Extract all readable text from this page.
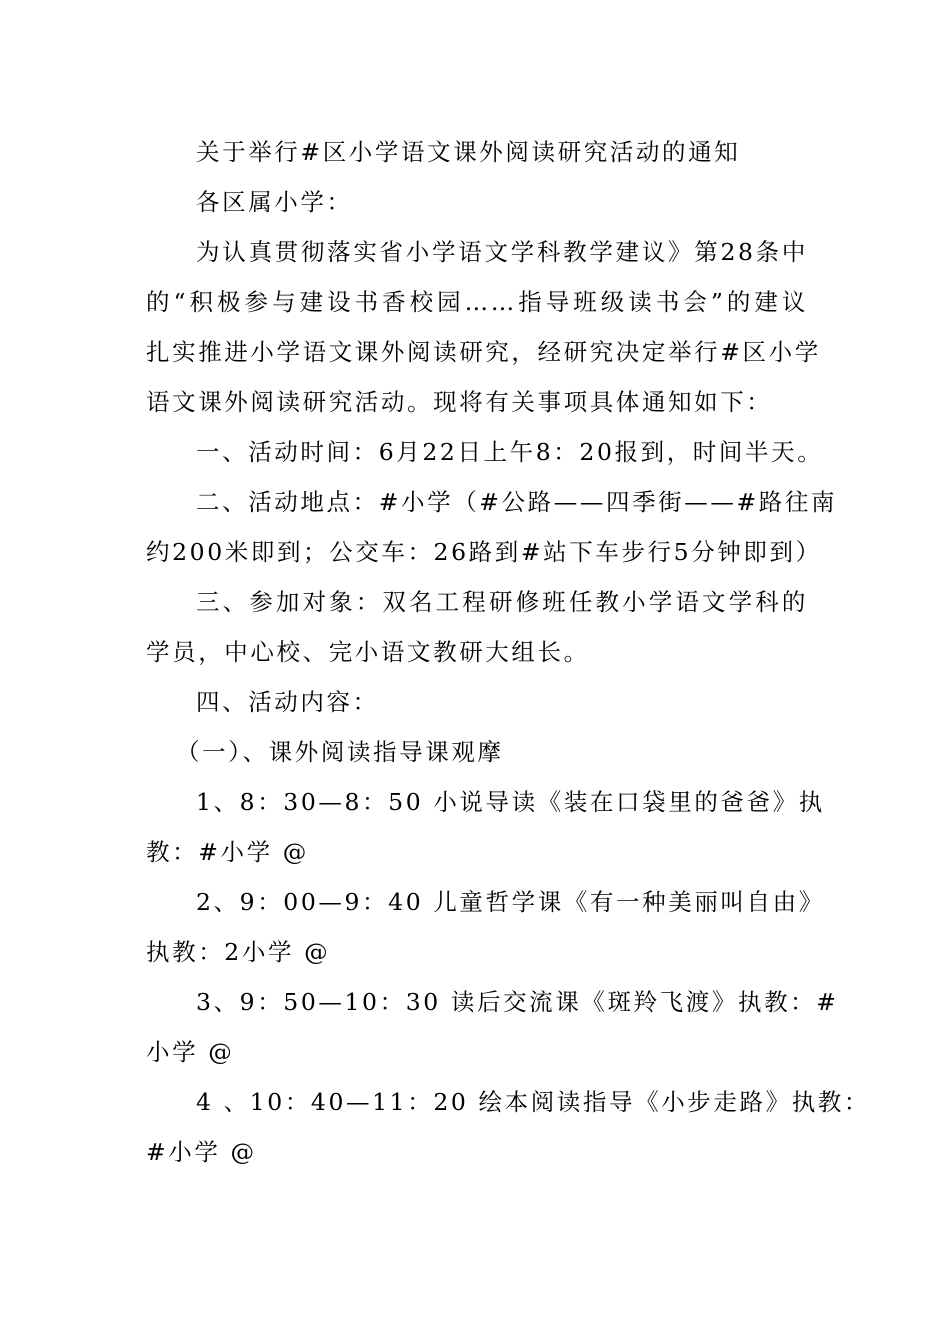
关于举行#区小学语文课外阅读研究活动的通知
各区属小学：
为认真贯彻落实省小学语文学科教学建议》第28条中
的“积极参与建设书香校园……指导班级读书会”的建议
扎实推进小学语文课外阅读研究，经研究决定举行#区小学
语文课外阅读研究活动。现将有关事项具体通知如下：
一、活动时间：6月22日上午8：20报到，时间半天。
二、活动地点：#小学（#公路——四季街——#路往南
约200米即到；公交车：26路到#站下车步行5分钟即到）
三、参加对象：双名工程研修班任教小学语文学科的
学员，中心校、完小语文教研大组长。
四、活动内容：
（一）、课外阅读指导课观摩
1、8：30—8：50 小说导读《装在口袋里的爸爸》执
教：#小学 @
2、9：00—9：40 儿童哲学课《有一种美丽叫自由》
执教：2小学 @
3、9：50—10：30 读后交流课《斑羚飞渡》执教：#
小学 @
4 、10：40—11：20 绘本阅读指导《小步走路》执教：
#小学 @
